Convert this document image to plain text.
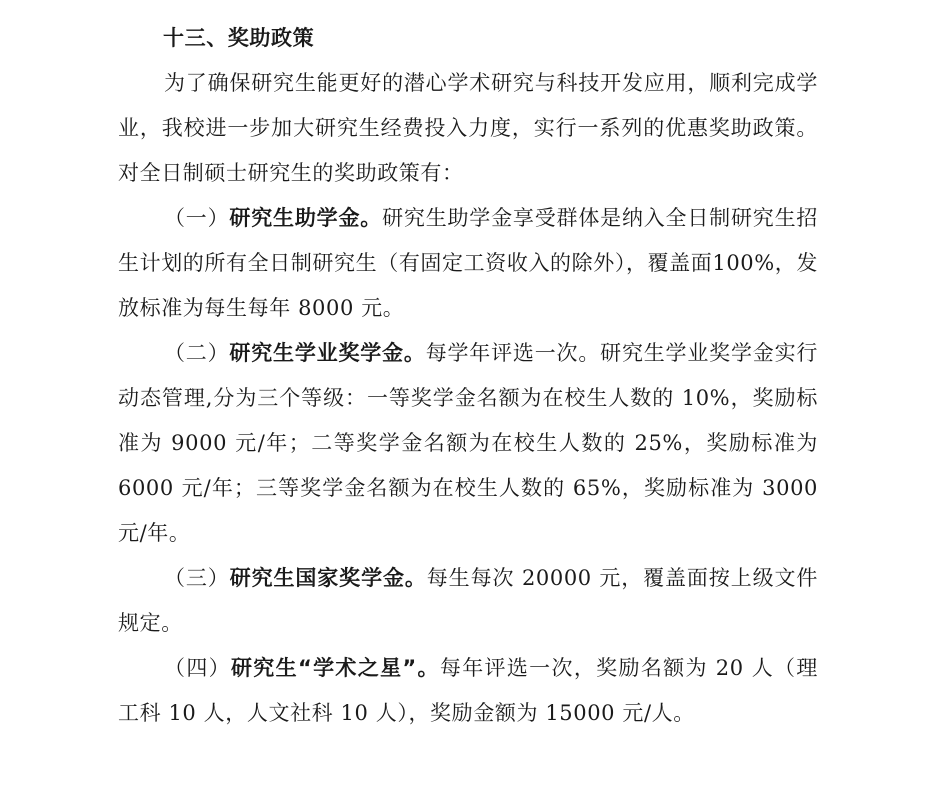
十三、奖助政策

为了确保研究生能更好的潜心学术研究与科技开发应用，顺利完成学业，我校进一步加大研究生经费投入力度，实行一系列的优惠奖助政策。对全日制硕士研究生的奖助政策有：

（一）研究生助学金。研究生助学金享受群体是纳入全日制研究生招生计划的所有全日制研究生（有固定工资收入的除外），覆盖面100%，发放标准为每生每年 8000 元。

（二）研究生学业奖学金。每学年评选一次。研究生学业奖学金实行动态管理,分为三个等级：一等奖学金名额为在校生人数的 10%，奖励标准为 9000 元/年；二等奖学金名额为在校生人数的 25%，奖励标准为 6000 元/年；三等奖学金名额为在校生人数的 65%，奖励标准为 3000 元/年。

（三）研究生国家奖学金。每生每次 20000 元，覆盖面按上级文件规定。

（四）研究生“学术之星”。每年评选一次，奖励名额为 20 人（理工科 10 人，人文社科 10 人），奖励金额为 15000 元/人。
